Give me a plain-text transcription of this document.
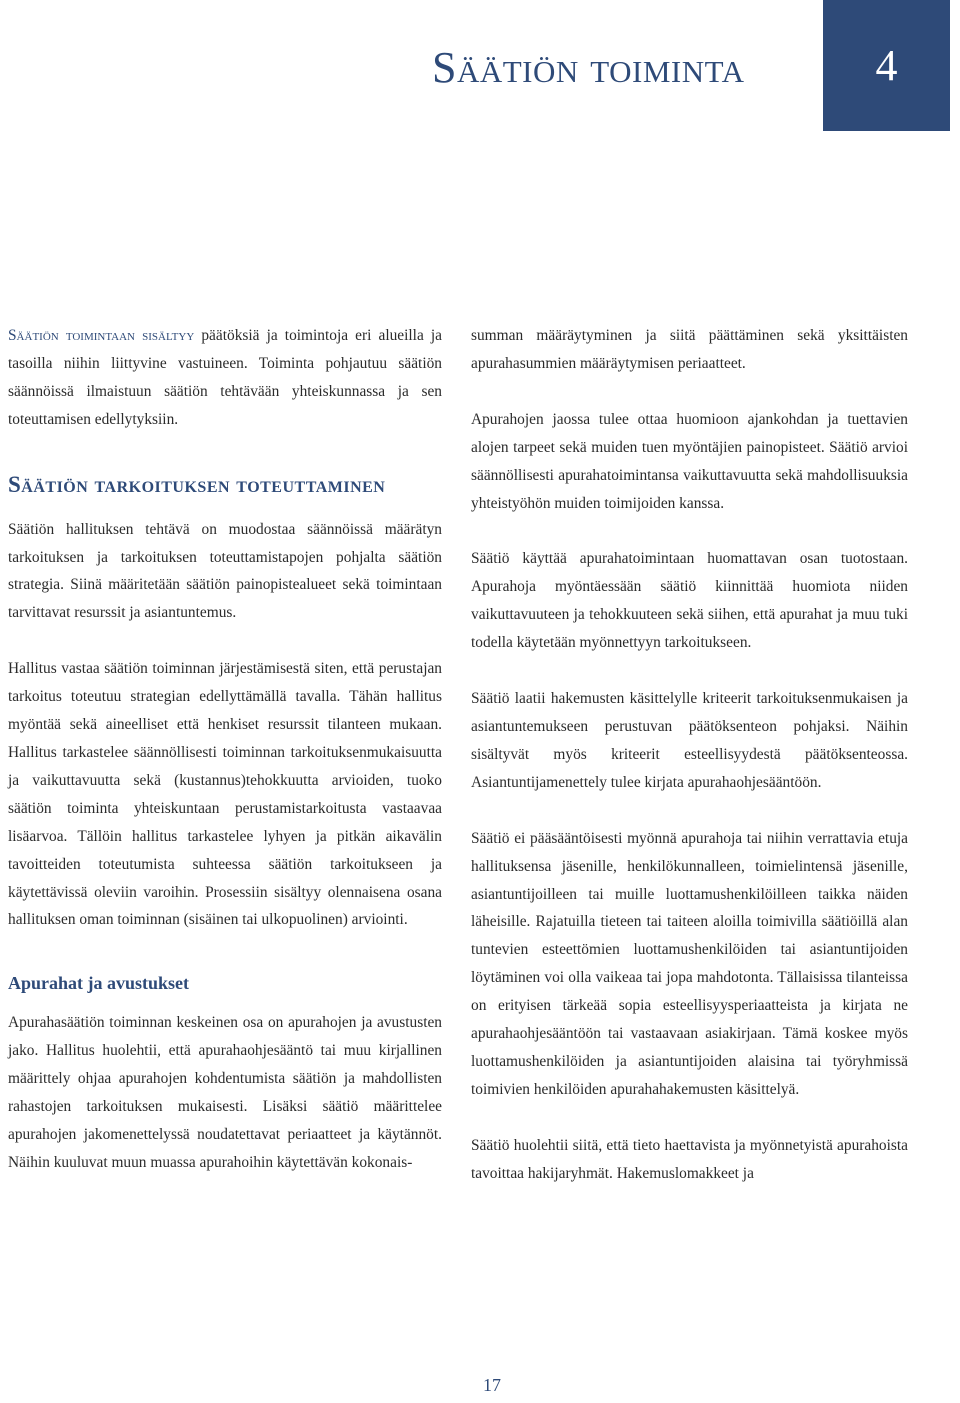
Säätiön toiminta	4

Säätiön toimintaan sisältyy päätöksiä ja toimintoja eri alueilla ja tasoilla niihin liittyvine vastuineen. Toiminta pohjautuu säätiön säännöissä ilmaistuun säätiön tehtävään yhteiskunnassa ja sen toteuttamisen edellytyksiin.

Säätiön tarkoituksen toteuttaminen

Säätiön hallituksen tehtävä on muodostaa säännöissä määrätyn tarkoituksen ja tarkoituksen toteuttamistapojen pohjalta säätiön strategia. Siinä määritetään säätiön painopistealueet sekä toimintaan tarvittavat resurssit ja asiantuntemus.

Hallitus vastaa säätiön toiminnan järjestämisestä siten, että perustajan tarkoitus toteutuu strategian edellyttämällä tavalla. Tähän hallitus myöntää sekä aineelliset että henkiset resurssit tilanteen mukaan. Hallitus tarkastelee säännöllisesti toiminnan tarkoituksenmukaisuutta ja vaikuttavuutta sekä (kustannus)tehokkuutta arvioiden, tuoko säätiön toiminta yhteiskuntaan perustamistarkoitusta vastaavaa lisäarvoa. Tällöin hallitus tarkastelee lyhyen ja pitkän aikavälin tavoitteiden toteutumista suhteessa säätiön tarkoitukseen ja käytettävissä oleviin varoihin. Prosessiin sisältyy olennaisena osana hallituksen oman toiminnan (sisäinen tai ulkopuolinen) arviointi.

Apurahat ja avustukset

Apurahasäätiön toiminnan keskeinen osa on apurahojen ja avustusten jako. Hallitus huolehtii, että apurahaohjesääntö tai muu kirjallinen määrittely ohjaa apurahojen kohdentumista säätiön ja mahdollisten rahastojen tarkoituksen mukaisesti. Lisäksi säätiö määrittelee apurahojen jakomenettelyssä noudatettavat periaatteet ja käytännöt. Näihin kuuluvat muun muassa apurahoihin käytettävän kokonais-

summan määräytyminen ja siitä päättäminen sekä yksittäisten apurahasummien määräytymisen periaatteet.

Apurahojen jaossa tulee ottaa huomioon ajankohdan ja tuettavien alojen tarpeet sekä muiden tuen myöntäjien painopisteet. Säätiö arvioi säännöllisesti apurahatoimintansa vaikuttavuutta sekä mahdollisuuksia yhteistyöhön muiden toimijoiden kanssa.

Säätiö käyttää apurahatoimintaan huomattavan osan tuotostaan. Apurahoja myöntäessään säätiö kiinnittää huomiota niiden vaikuttavuuteen ja tehokkuuteen sekä siihen, että apurahat ja muu tuki todella käytetään myönnettyyn tarkoitukseen.

Säätiö laatii hakemusten käsittelylle kriteerit tarkoituksenmukaisen ja asiantuntemukseen perustuvan päätöksenteon pohjaksi. Näihin sisältyvät myös kriteerit esteellisyydestä päätöksenteossa. Asiantuntijamenettely tulee kirjata apurahaohjesääntöön.

Säätiö ei pääsääntöisesti myönnä apurahoja tai niihin verrattavia etuja hallituksensa jäsenille, henkilökunnalleen, toimielintensä jäsenille, asiantuntijoilleen tai muille luottamushenkilöilleen taikka näiden läheisille. Rajatuilla tieteen tai taiteen aloilla toimivilla säätiöillä alan tuntevien esteettömien luottamushenkilöiden tai asiantuntijoiden löytäminen voi olla vaikeaa tai jopa mahdotonta. Tällaisissa tilanteissa on erityisen tärkeää sopia esteellisyysperiaatteista ja kirjata ne apurahaohjesääntöön tai vastaavaan asiakirjaan. Tämä koskee myös luottamushenkilöiden ja asiantuntijoiden alaisina tai työryhmissä toimivien henkilöiden apurahahakemusten käsittelyä.

Säätiö huolehtii siitä, että tieto haettavista ja myönnetyistä apurahoista tavoittaa hakijaryhmät. Hakemuslomakkeet ja

17
